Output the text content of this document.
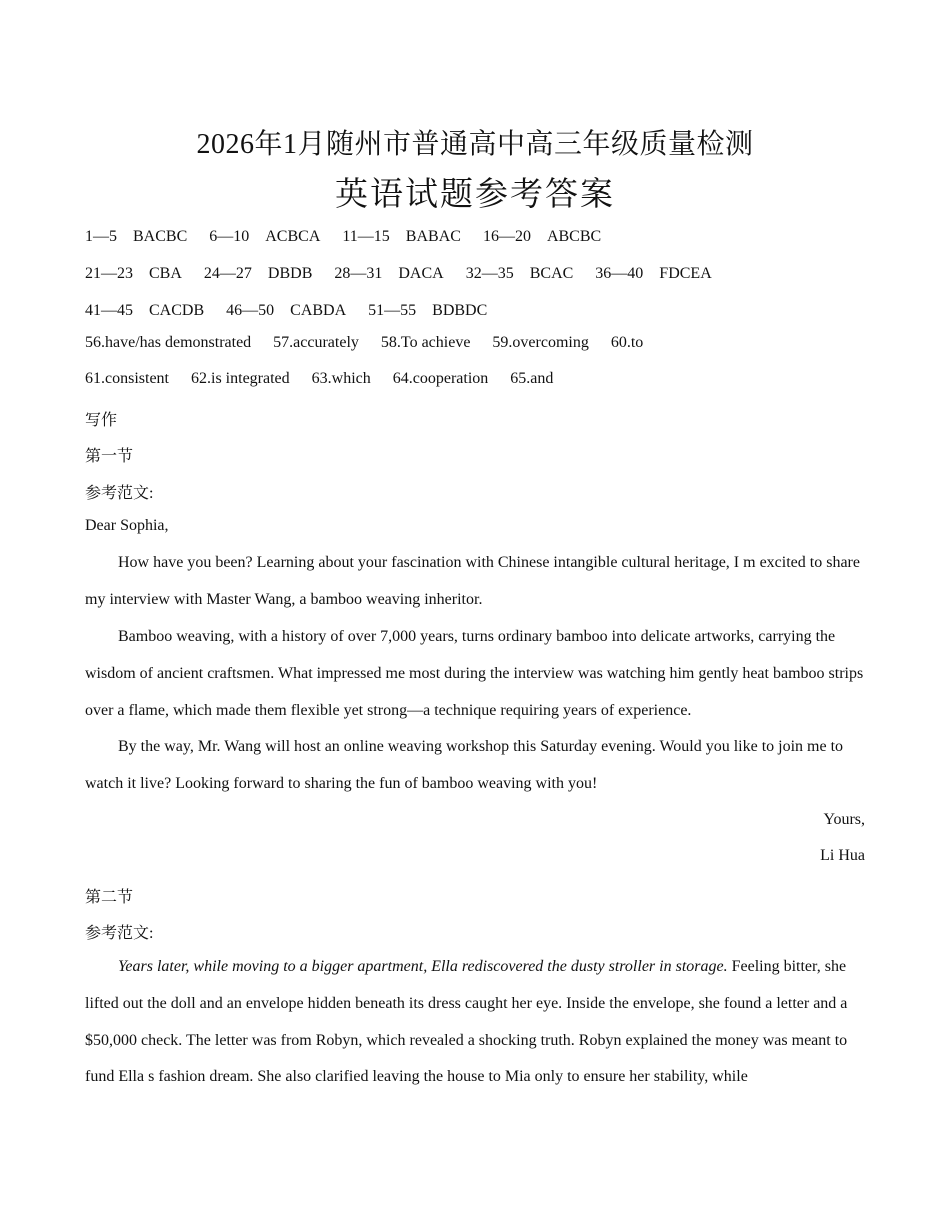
2026年1月随州市普通高中高三年级质量检测
英语试题参考答案
1—5　BACBC 6—10　ACBCA 11—15　BABAC 16—20　ABCBC
21—23　CBA 24—27　DBDB 28—31　DACA 32—35　BCAC 36—40　FDCEA
41—45　CACDB 46—50　CABDA 51—55　BDBDC
56.have/has demonstrated 57.accurately 58.To achieve 59.overcoming 60.to
61.consistent 62.is integrated 63.which 64.cooperation 65.and
写作
第一节
参考范文:
Dear Sophia,
How have you been? Learning about your fascination with Chinese intangible cultural heritage, I m excited to share my interview with Master Wang, a bamboo weaving inheritor.
Bamboo weaving, with a history of over 7,000 years, turns ordinary bamboo into delicate artworks, carrying the wisdom of ancient craftsmen. What impressed me most during the interview was watching him gently heat bamboo strips over a flame, which made them flexible yet strong—a technique requiring years of experience.
By the way, Mr. Wang will host an online weaving workshop this Saturday evening. Would you like to join me to watch it live? Looking forward to sharing the fun of bamboo weaving with you!
Yours,
Li Hua
第二节
参考范文:
Years later, while moving to a bigger apartment, Ella rediscovered the dusty stroller in storage. Feeling bitter, she lifted out the doll and an envelope hidden beneath its dress caught her eye. Inside the envelope, she found a letter and a $50,000 check. The letter was from Robyn, which revealed a shocking truth. Robyn explained the money was meant to fund Ella s fashion dream. She also clarified leaving the house to Mia only to ensure her stability, while
